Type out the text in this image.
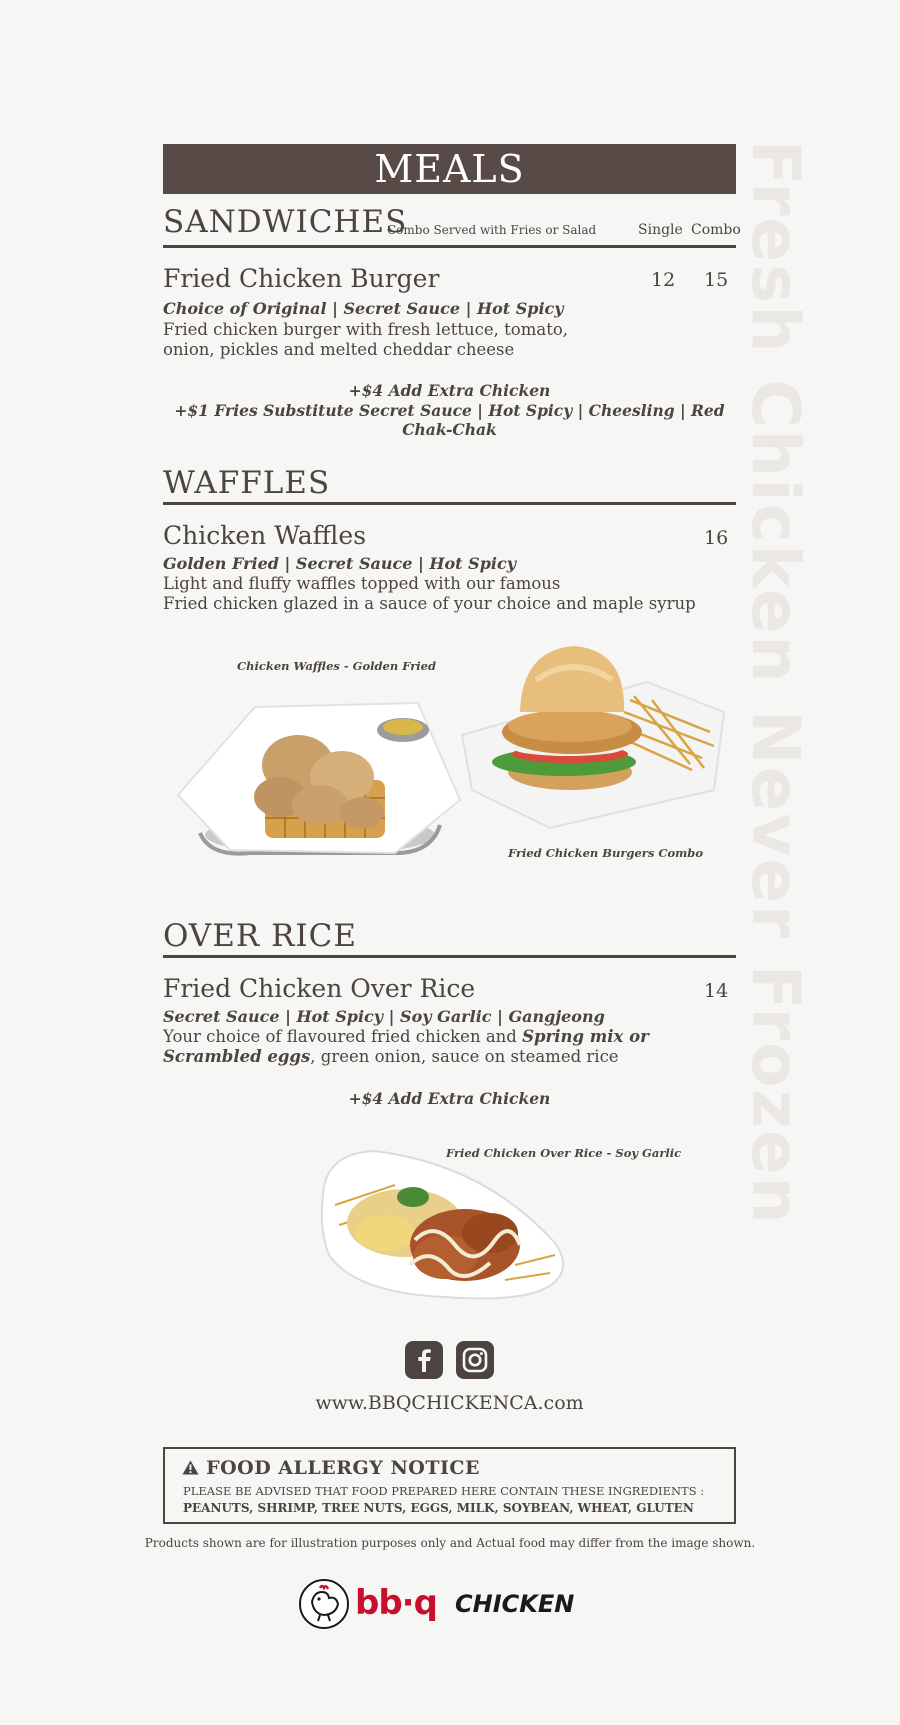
Fresh Chicken Never Frozen
MEALS
SANDWICHES
Combo Served with Fries or Salad	Single Combo
Fried Chicken Burger	12 15
Choice of Original | Secret Sauce | Hot Spicy
Fried chicken burger with fresh lettuce, tomato,
onion, pickles and melted cheddar cheese
+$4 Add Extra Chicken
+$1 Fries Substitute Secret Sauce | Hot Spicy | Cheesling | Red Chak-Chak
WAFFLES
Chicken Waffles	16
Golden Fried | Secret Sauce | Hot Spicy
Light and fluffy waffles topped with our famous
Fried chicken glazed in a sauce of your choice and maple syrup
Chicken Waffles - Golden Fried
Fried Chicken Burgers Combo
OVER RICE
Fried Chicken Over Rice	14
Secret Sauce | Hot Spicy | Soy Garlic | Gangjeong
Your choice of flavoured fried chicken and Spring mix or
Scrambled eggs, green onion, sauce on steamed rice
+$4 Add Extra Chicken
Fried Chicken Over Rice - Soy Garlic
www.BBQCHICKENCA.com
FOOD ALLERGY NOTICE
PLEASE BE ADVISED THAT FOOD PREPARED HERE CONTAIN THESE INGREDIENTS :
PEANUTS, SHRIMP, TREE NUTS, EGGS, MILK, SOYBEAN, WHEAT, GLUTEN
Products shown are for illustration purposes only and Actual food may differ from the image shown.
bb·q CHICKEN
